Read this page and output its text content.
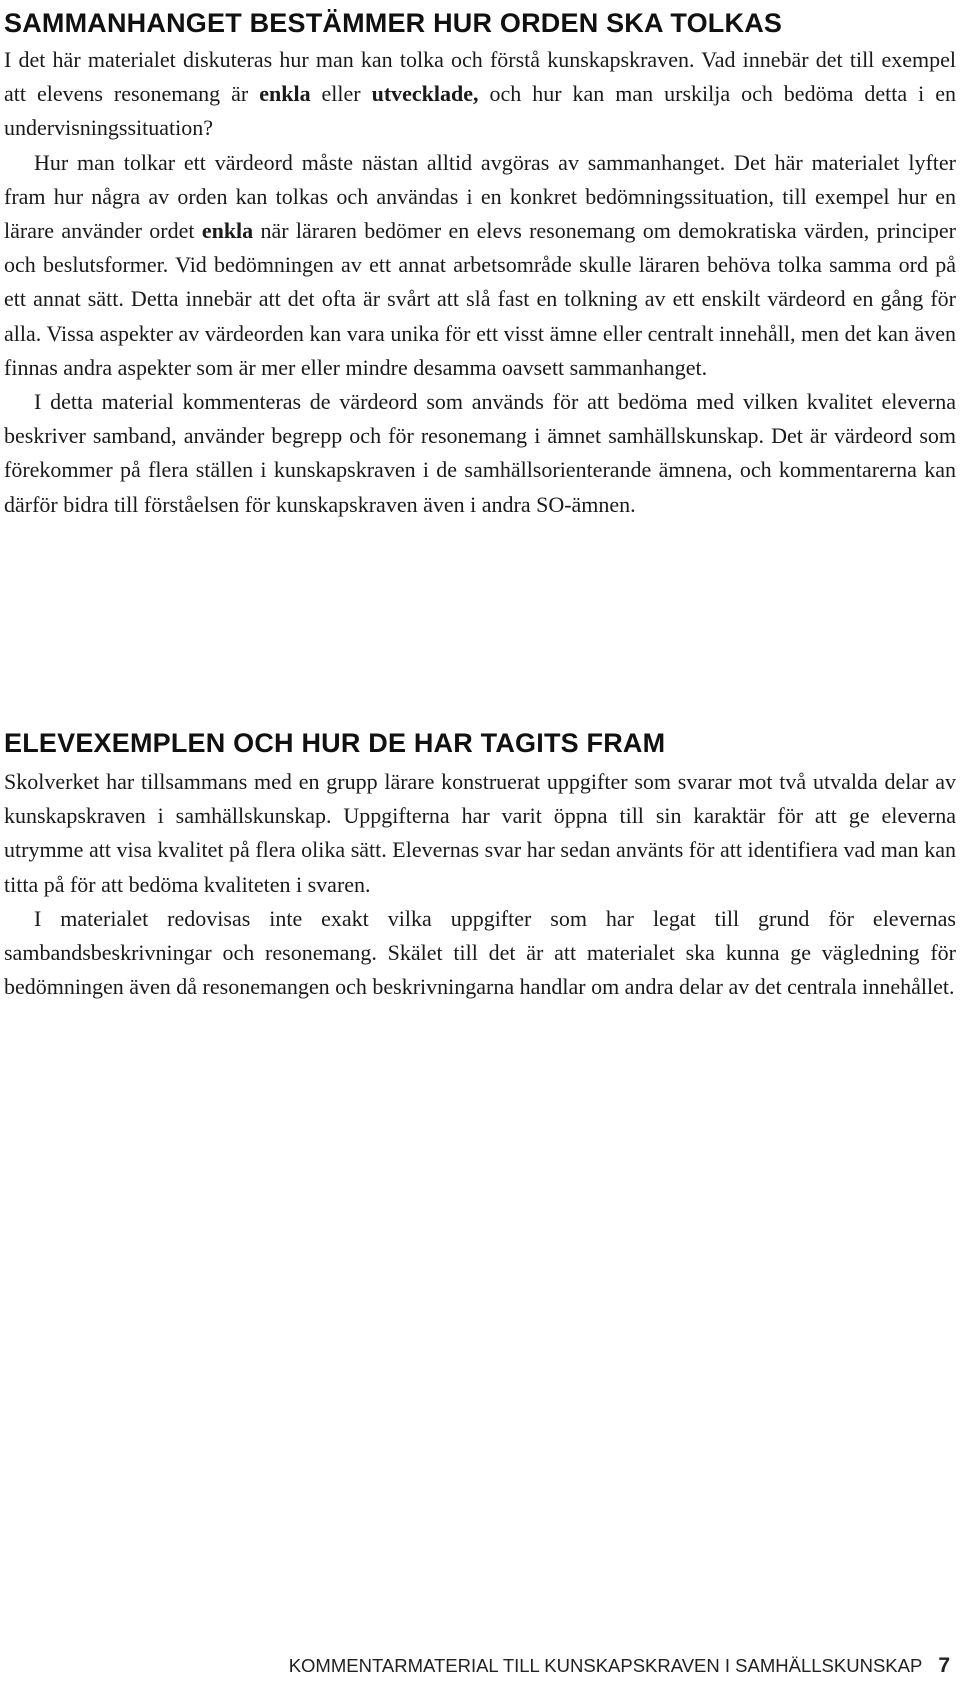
SAMMANHANGET BESTÄMMER HUR ORDEN SKA TOLKAS

I det här materialet diskuteras hur man kan tolka och förstå kunskapskraven. Vad innebär det till exempel att elevens resonemang är enkla eller utvecklade, och hur kan man urskilja och bedöma detta i en undervisningssituation?

Hur man tolkar ett värdeord måste nästan alltid avgöras av sammanhanget. Det här materialet lyfter fram hur några av orden kan tolkas och användas i en konkret bedömningssituation, till exempel hur en lärare använder ordet enkla när läraren bedömer en elevs resonemang om demokratiska värden, principer och beslutsformer. Vid bedömningen av ett annat arbetsområde skulle läraren behöva tolka samma ord på ett annat sätt. Detta innebär att det ofta är svårt att slå fast en tolkning av ett enskilt värdeord en gång för alla. Vissa aspekter av värdeorden kan vara unika för ett visst ämne eller centralt innehåll, men det kan även finnas andra aspekter som är mer eller mindre desamma oavsett sammanhanget.

I detta material kommenteras de värdeord som används för att bedöma med vilken kvalitet eleverna beskriver samband, använder begrepp och för resonemang i ämnet samhällskunskap. Det är värdeord som förekommer på flera ställen i kunskapskraven i de samhällsorienterande ämnena, och kommentarerna kan därför bidra till förståelsen för kunskapskraven även i andra SO-ämnen.

ELEVEXEMPLEN OCH HUR DE HAR TAGITS FRAM

Skolverket har tillsammans med en grupp lärare konstruerat uppgifter som svarar mot två utvalda delar av kunskapskraven i samhällskunskap. Uppgifterna har varit öppna till sin karaktär för att ge eleverna utrymme att visa kvalitet på flera olika sätt. Elevernas svar har sedan använts för att identifiera vad man kan titta på för att bedöma kvaliteten i svaren.

I materialet redovisas inte exakt vilka uppgifter som har legat till grund för elevernas sambandsbeskrivningar och resonemang. Skälet till det är att materialet ska kunna ge vägledning för bedömningen även då resonemangen och beskrivningarna handlar om andra delar av det centrala innehållet.

KOMMENTARMATERIAL TILL KUNSKAPSKRAVEN I SAMHÄLLSKUNSKAP 7
